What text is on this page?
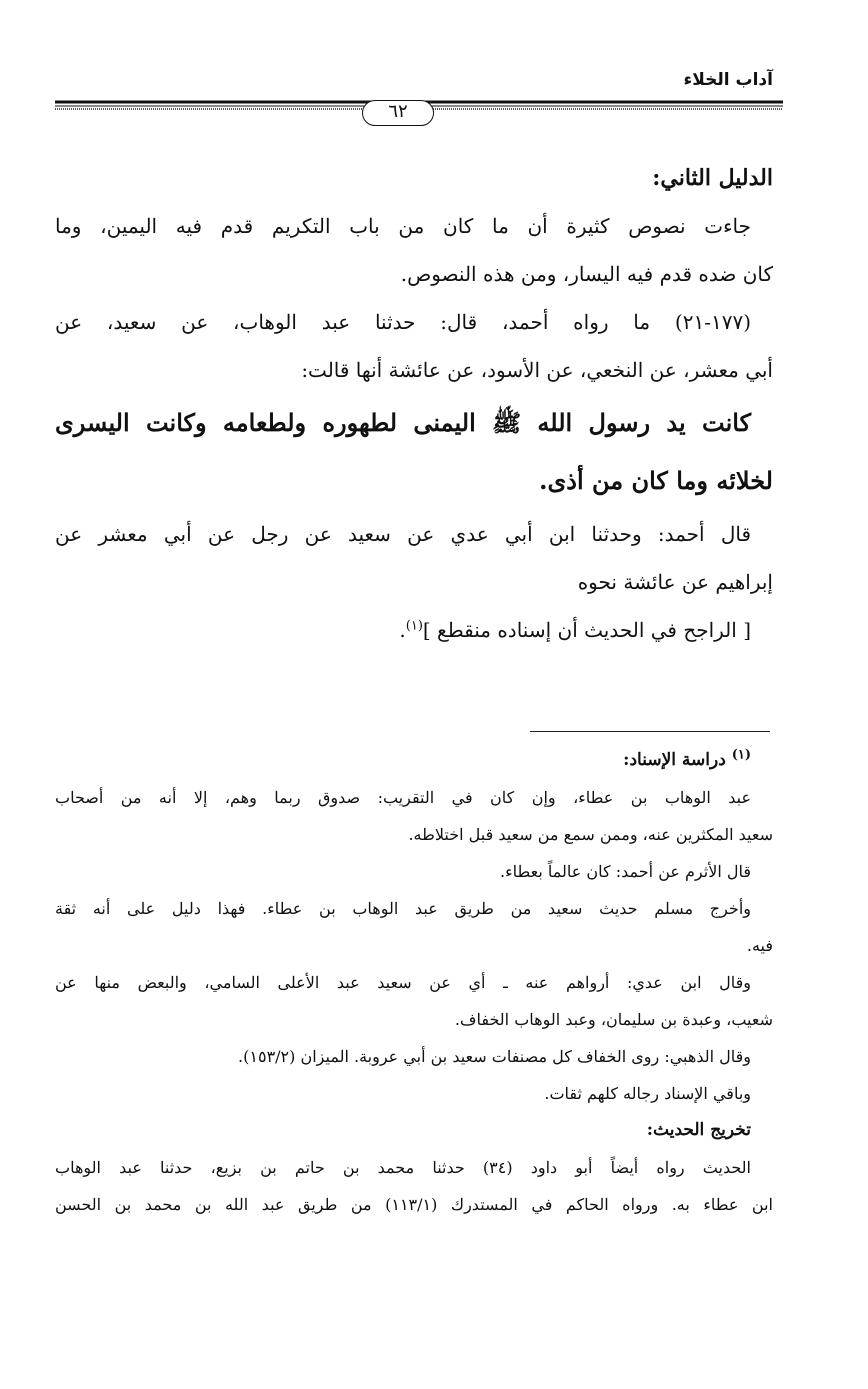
آداب الخلاء
٦٢
الدليل الثاني:
جاءت نصوص كثيرة أن ما كان من باب التكريم قدم فيه اليمين، وما
كان ضده قدم فيه اليسار، ومن هذه النصوص.
(١٧٧-٢١) ما رواه أحمد، قال: حدثنا عبد الوهاب، عن سعيد، عن
أبي معشر، عن النخعي، عن الأسود، عن عائشة أنها قالت:
كانت يد رسول الله ﷺ اليمنى لطهوره ولطعامه وكانت اليسرى
لخلائه وما كان من أذى.
قال أحمد: وحدثنا ابن أبي عدي عن سعيد عن رجل عن أبي معشر عن
إبراهيم عن عائشة نحوه
[ الراجح في الحديث أن إسناده منقطع ]$^{(١)}$.
$^{(١)}$ دراسة الإسناد:
عبد الوهاب بن عطاء، وإن كان في التقريب: صدوق ربما وهم، إلا أنه من أصحاب
سعيد المكثرين عنه، وممن سمع من سعيد قبل اختلاطه.
قال الأثرم عن أحمد: كان عالماً بعطاء.
وأخرج مسلم حديث سعيد من طريق عبد الوهاب بن عطاء. فهذا دليل على أنه ثقة
فيه.
وقال ابن عدي: أرواهم عنه ـ أي عن سعيد عبد الأعلى السامي، والبعض منها عن
شعيب، وعبدة بن سليمان، وعبد الوهاب الخفاف.
وقال الذهبي: روى الخفاف كل مصنفات سعيد بن أبي عروبة. الميزان (١٥٣/٢).
وباقي الإسناد رجاله كلهم ثقات.
تخريج الحديث:
الحديث رواه أيضاً أبو داود (٣٤) حدثنا محمد بن حاتم بن بزيع، حدثنا عبد الوهاب
ابن عطاء به. ورواه الحاكم في المستدرك (١١٣/١) من طريق عبد الله بن محمد بن الحسن
